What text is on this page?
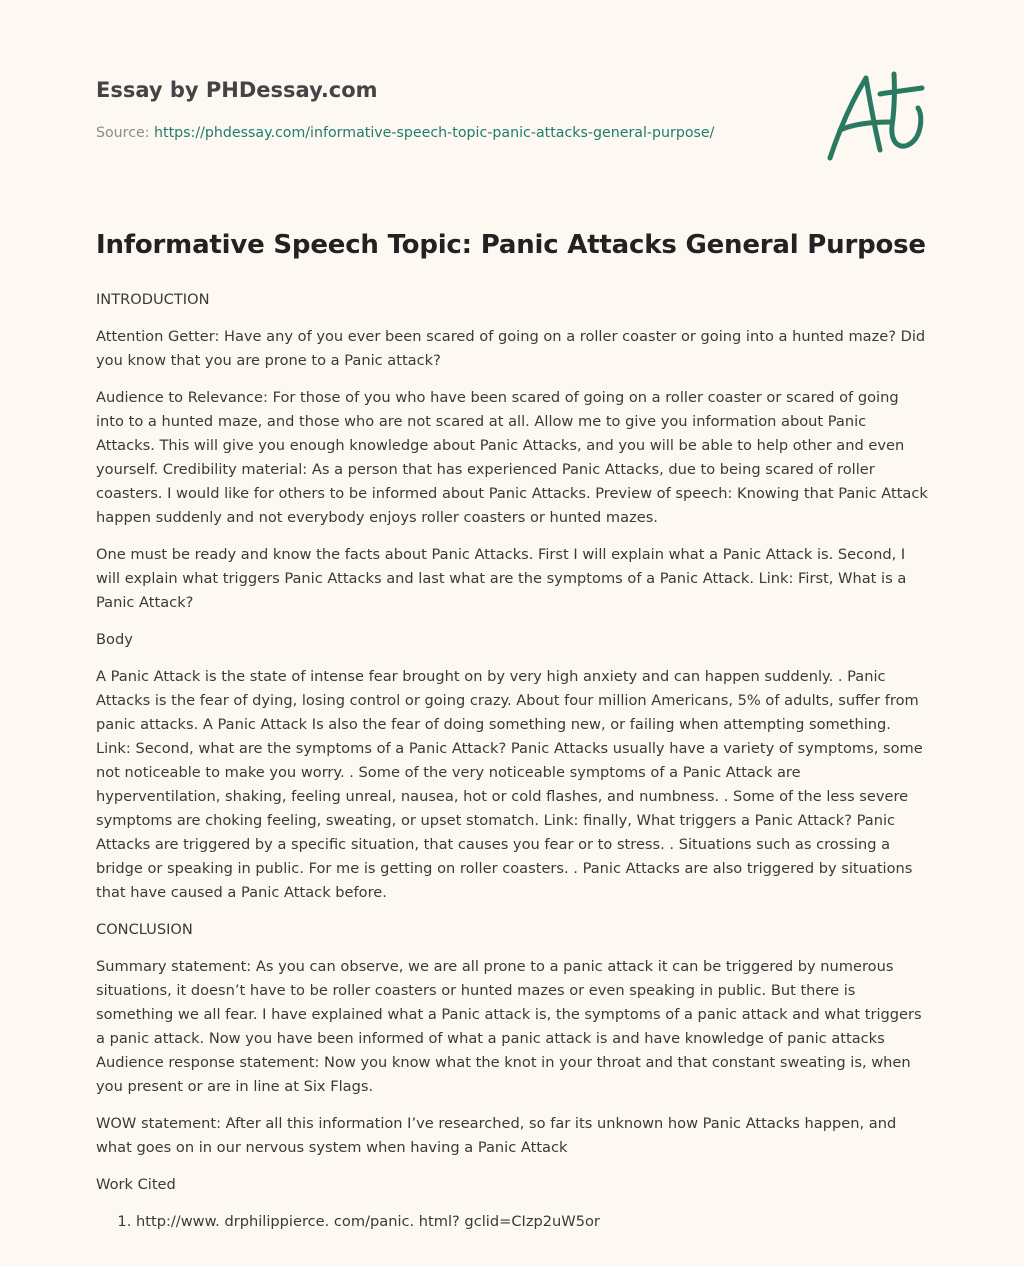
Essay by PHDessay.com
Source: https://phdessay.com/informative-speech-topic-panic-attacks-general-purpose/
Informative Speech Topic: Panic Attacks General Purpose

INTRODUCTION

Attention Getter: Have any of you ever been scared of going on a roller coaster or going into a hunted maze? Did you know that you are prone to a Panic attack?

Audience to Relevance: For those of you who have been scared of going on a roller coaster or scared of going into to a hunted maze, and those who are not scared at all. Allow me to give you information about Panic Attacks. This will give you enough knowledge about Panic Attacks, and you will be able to help other and even yourself. Credibility material: As a person that has experienced Panic Attacks, due to being scared of roller coasters. I would like for others to be informed about Panic Attacks. Preview of speech: Knowing that Panic Attack happen suddenly and not everybody enjoys roller coasters or hunted mazes.

One must be ready and know the facts about Panic Attacks. First I will explain what a Panic Attack is. Second, I will explain what triggers Panic Attacks and last what are the symptoms of a Panic Attack. Link: First, What is a Panic Attack?

Body

A Panic Attack is the state of intense fear brought on by very high anxiety and can happen suddenly. . Panic Attacks is the fear of dying, losing control or going crazy. About four million Americans, 5% of adults, suffer from panic attacks. A Panic Attack Is also the fear of doing something new, or failing when attempting something. Link: Second, what are the symptoms of a Panic Attack? Panic Attacks usually have a variety of symptoms, some not noticeable to make you worry. . Some of the very noticeable symptoms of a Panic Attack are hyperventilation, shaking, feeling unreal, nausea, hot or cold flashes, and numbness. . Some of the less severe symptoms are choking feeling, sweating, or upset stomatch. Link: finally, What triggers a Panic Attack? Panic Attacks are triggered by a specific situation, that causes you fear or to stress. . Situations such as crossing a bridge or speaking in public. For me is getting on roller coasters. . Panic Attacks are also triggered by situations that have caused a Panic Attack before.

CONCLUSION

Summary statement: As you can observe, we are all prone to a panic attack it can be triggered by numerous situations, it doesn’t have to be roller coasters or hunted mazes or even speaking in public. But there is something we all fear. I have explained what a Panic attack is, the symptoms of a panic attack and what triggers a panic attack. Now you have been informed of what a panic attack is and have knowledge of panic attacks Audience response statement: Now you know what the knot in your throat and that constant sweating is, when you present or are in line at Six Flags.

WOW statement: After all this information I’ve researched, so far its unknown how Panic Attacks happen, and what goes on in our nervous system when having a Panic Attack

Work Cited

1. http://www. drphilippierce. com/panic. html? gclid=CIzp2uW5or
